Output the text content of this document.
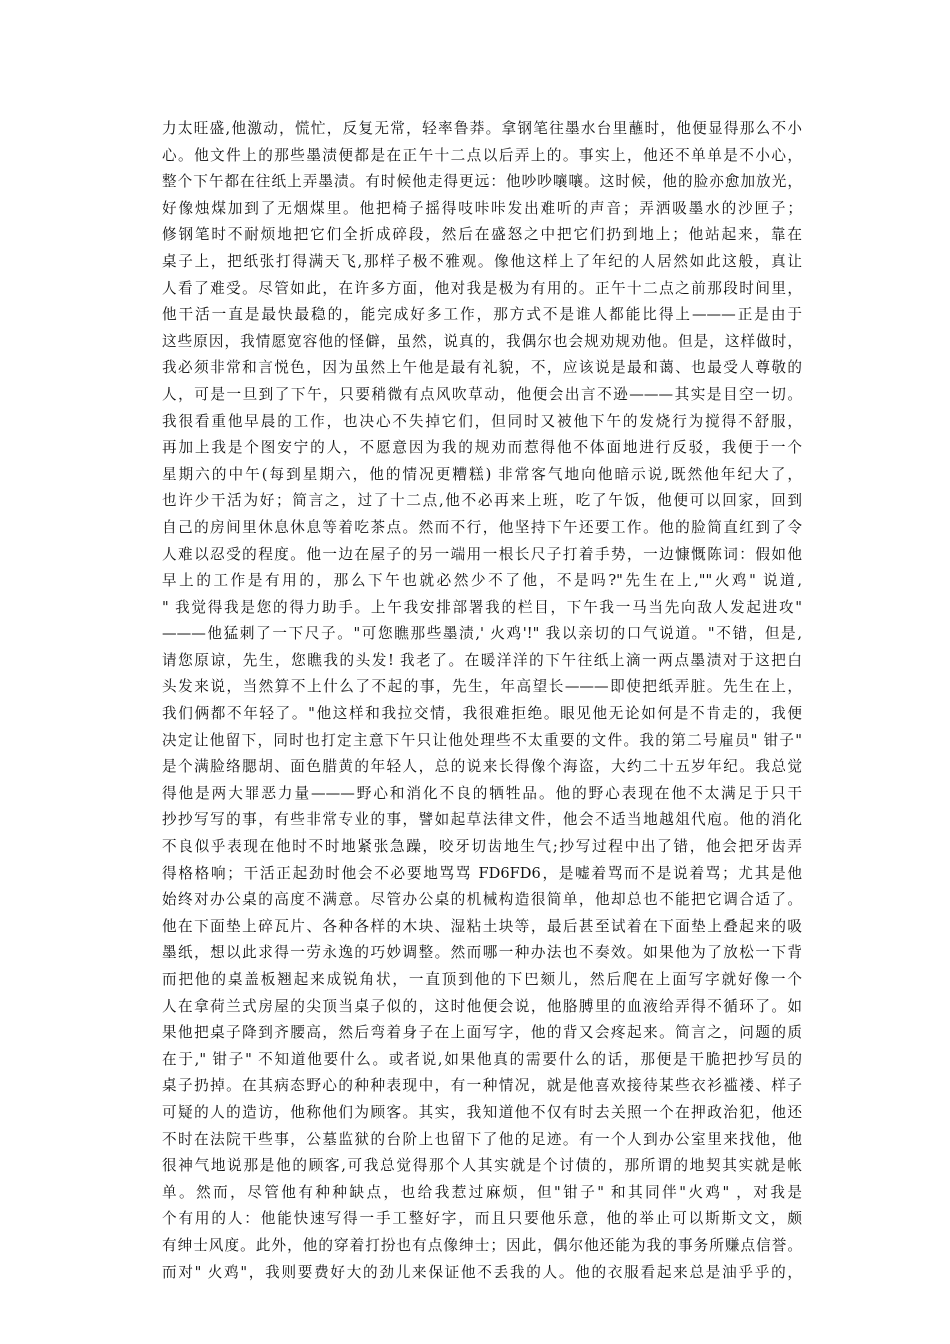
力太旺盛,他激动，慌忙，反复无常，轻率鲁莽。拿钢笔往墨水台里蘸时，他便显得那么不小
心。他文件上的那些墨渍便都是在正午十二点以后弄上的。事实上，他还不单单是不小心，
整个下午都在往纸上弄墨渍。有时候他走得更远：他吵吵嚷嚷。这时候，他的脸亦愈加放光，
好像烛煤加到了无烟煤里。他把椅子摇得吱咔咔发出难听的声音；弄洒吸墨水的沙匣子；
修钢笔时不耐烦地把它们全折成碎段，然后在盛怒之中把它们扔到地上；他站起来，靠在
桌子上，把纸张打得满天飞,那样子极不雅观。像他这样上了年纪的人居然如此这般，真让
人看了难受。尽管如此，在许多方面，他对我是极为有用的。正午十二点之前那段时间里，
他干活一直是最快最稳的，能完成好多工作，那方式不是谁人都能比得上———正是由于
这些原因，我情愿宽容他的怪僻，虽然，说真的，我偶尔也会规劝规劝他。但是，这样做时，
我必须非常和言悦色，因为虽然上午他是最有礼貌，不，应该说是最和蔼、也最受人尊敬的
人，可是一旦到了下午，只要稍微有点风吹草动，他便会出言不逊———其实是目空一切。
我很看重他早晨的工作，也决心不失掉它们，但同时又被他下午的发烧行为搅得不舒服，
再加上我是个图安宁的人，不愿意因为我的规劝而惹得他不体面地进行反驳，我便于一个
星期六的中午(每到星期六，他的情况更糟糕) 非常客气地向他暗示说,既然他年纪大了，
也许少干活为好；简言之，过了十二点,他不必再来上班，吃了午饭，他便可以回家，回到
自己的房间里休息休息等着吃茶点。然而不行，他坚持下午还要工作。他的脸简直红到了令
人难以忍受的程度。他一边在屋子的另一端用一根长尺子打着手势，一边慷慨陈词：假如他
早上的工作是有用的，那么下午也就必然少不了他，不是吗?"先生在上,""火鸡" 说道,
" 我觉得我是您的得力助手。上午我安排部署我的栏目，下午我一马当先向敌人发起进攻"
———他猛刺了一下尺子。"可您瞧那些墨渍,' 火鸡'!" 我以亲切的口气说道。"不错，但是,
请您原谅，先生，您瞧我的头发! 我老了。在暖洋洋的下午往纸上滴一两点墨渍对于这把白
头发来说，当然算不上什么了不起的事，先生，年高望长———即使把纸弄脏。先生在上，
我们俩都不年轻了。"他这样和我拉交情，我很难拒绝。眼见他无论如何是不肯走的，我便
决定让他留下，同时也打定主意下午只让他处理些不太重要的文件。我的第二号雇员" 钳子"
是个满脸络腮胡、面色腊黄的年轻人，总的说来长得像个海盗，大约二十五岁年纪。我总觉
得他是两大罪恶力量———野心和消化不良的牺牲品。他的野心表现在他不太满足于只干
抄抄写写的事，有些非常专业的事，譬如起草法律文件，他会不适当地越俎代庖。他的消化
不良似乎表现在他时不时地紧张急躁，咬牙切齿地生气;抄写过程中出了错，他会把牙齿弄
得格格响；干活正起劲时他会不必要地骂骂 FD6FD6，是嘘着骂而不是说着骂；尤其是他
始终对办公桌的高度不满意。尽管办公桌的机械构造很简单，他却总也不能把它调合适了。
他在下面垫上碎瓦片、各种各样的木块、湿粘土块等，最后甚至试着在下面垫上叠起来的吸
墨纸，想以此求得一劳永逸的巧妙调整。然而哪一种办法也不奏效。如果他为了放松一下背
而把他的桌盖板翘起来成锐角状，一直顶到他的下巴颏儿，然后爬在上面写字就好像一个
人在拿荷兰式房屋的尖顶当桌子似的，这时他便会说，他胳膊里的血液给弄得不循环了。如
果他把桌子降到齐腰高，然后弯着身子在上面写字，他的背又会疼起来。简言之，问题的质
在于," 钳子" 不知道他要什么。或者说,如果他真的需要什么的话，那便是干脆把抄写员的
桌子扔掉。在其病态野心的种种表现中，有一种情况，就是他喜欢接待某些衣衫褴褛、样子
可疑的人的造访，他称他们为顾客。其实，我知道他不仅有时去关照一个在押政治犯，他还
不时在法院干些事，公墓监狱的台阶上也留下了他的足迹。有一个人到办公室里来找他，他
很神气地说那是他的顾客,可我总觉得那个人其实就是个讨债的，那所谓的地契其实就是帐
单。然而，尽管他有种种缺点，也给我惹过麻烦，但"钳子" 和其同伴"火鸡" ，对我是
个有用的人：他能快速写得一手工整好字，而且只要他乐意，他的举止可以斯斯文文，颇
有绅士风度。此外，他的穿着打扮也有点像绅士；因此，偶尔他还能为我的事务所赚点信誉。
而对" 火鸡"，我则要费好大的劲儿来保证他不丢我的人。他的衣服看起来总是油乎乎的，
